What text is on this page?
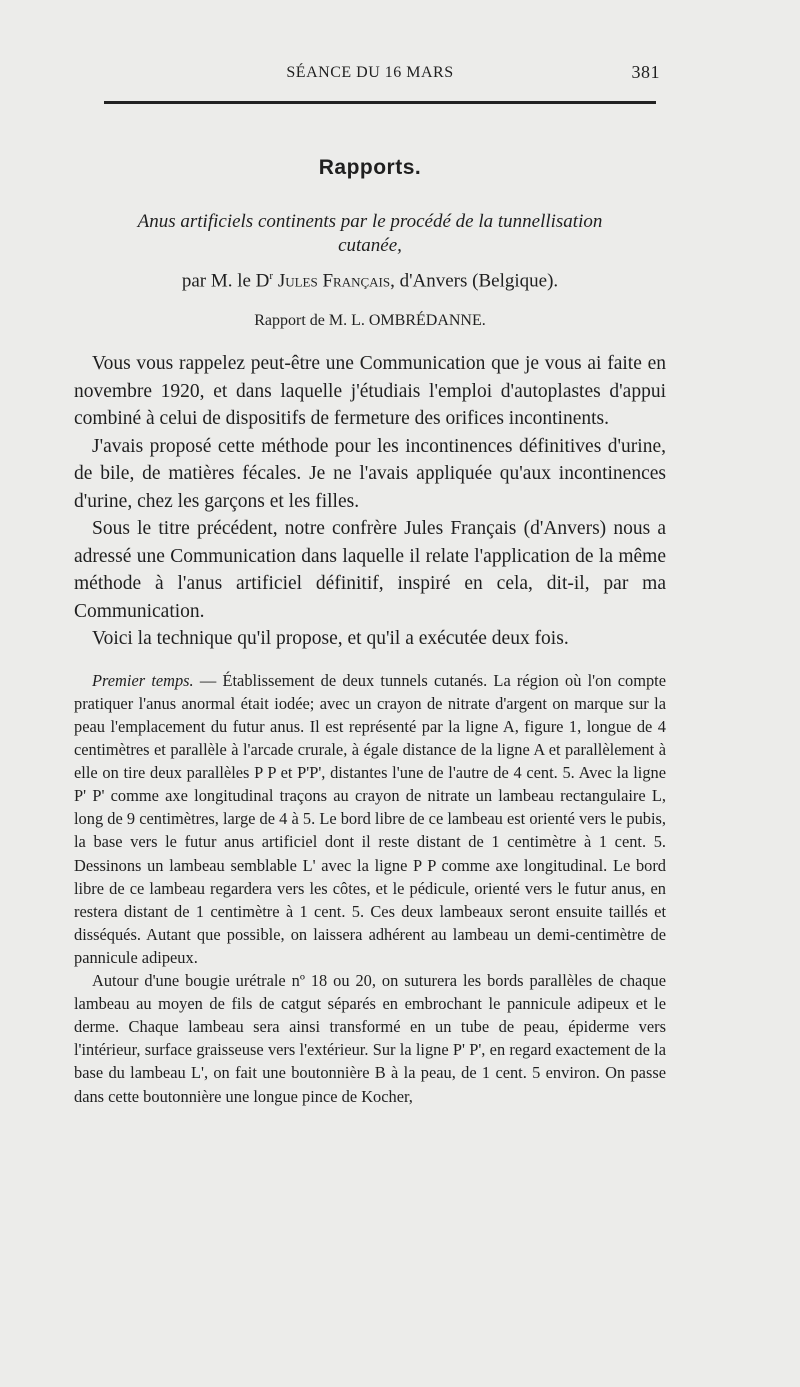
SÉANCE DU 16 MARS	381
Rapports.
Anus artificiels continents par le procédé de la tunnellisation cutanée,
par M. le $D^r$ Jules Français, d'Anvers (Belgique).
Rapport de M. L. OMBRÉDANNE.

Vous vous rappelez peut-être une Communication que je vous ai faite en novembre 1920, et dans laquelle j'étudiais l'emploi d'autoplastes d'appui combiné à celui de dispositifs de fermeture des orifices incontinents.

J'avais proposé cette méthode pour les incontinences définitives d'urine, de bile, de matières fécales. Je ne l'avais appliquée qu'aux incontinences d'urine, chez les garçons et les filles.

Sous le titre précédent, notre confrère Jules Français (d'Anvers) nous a adressé une Communication dans laquelle il relate l'application de la même méthode à l'anus artificiel définitif, inspiré en cela, dit-il, par ma Communication.

Voici la technique qu'il propose, et qu'il a exécutée deux fois.

Premier temps. — Établissement de deux tunnels cutanés. La région où l'on compte pratiquer l'anus anormal était iodée; avec un crayon de nitrate d'argent on marque sur la peau l'emplacement du futur anus. Il est représenté par la ligne A, figure 1, longue de 4 centimètres et parallèle à l'arcade crurale, à égale distance de la ligne A et parallèlement à elle on tire deux parallèles P P et P'P', distantes l'une de l'autre de 4 cent. 5. Avec la ligne P' P' comme axe longitudinal traçons au crayon de nitrate un lambeau rectangulaire L, long de 9 centimètres, large de 4 à 5. Le bord libre de ce lambeau est orienté vers le pubis, la base vers le futur anus artificiel dont il reste distant de 1 centimètre à 1 cent. 5. Dessinons un lambeau semblable L' avec la ligne P P comme axe longitudinal. Le bord libre de ce lambeau regardera vers les côtes, et le pédicule, orienté vers le futur anus, en restera distant de 1 centimètre à 1 cent. 5. Ces deux lambeaux seront ensuite taillés et disséqués. Autant que possible, on laissera adhérent au lambeau un demi-centimètre de pannicule adipeux.

Autour d'une bougie urétrale nº 18 ou 20, on suturera les bords parallèles de chaque lambeau au moyen de fils de catgut séparés en embrochant le pannicule adipeux et le derme. Chaque lambeau sera ainsi transformé en un tube de peau, épiderme vers l'intérieur, surface graisseuse vers l'extérieur. Sur la ligne P' P', en regard exactement de la base du lambeau L', on fait une boutonnière B à la peau, de 1 cent. 5 environ. On passe dans cette boutonnière une longue pince de Kocher,
